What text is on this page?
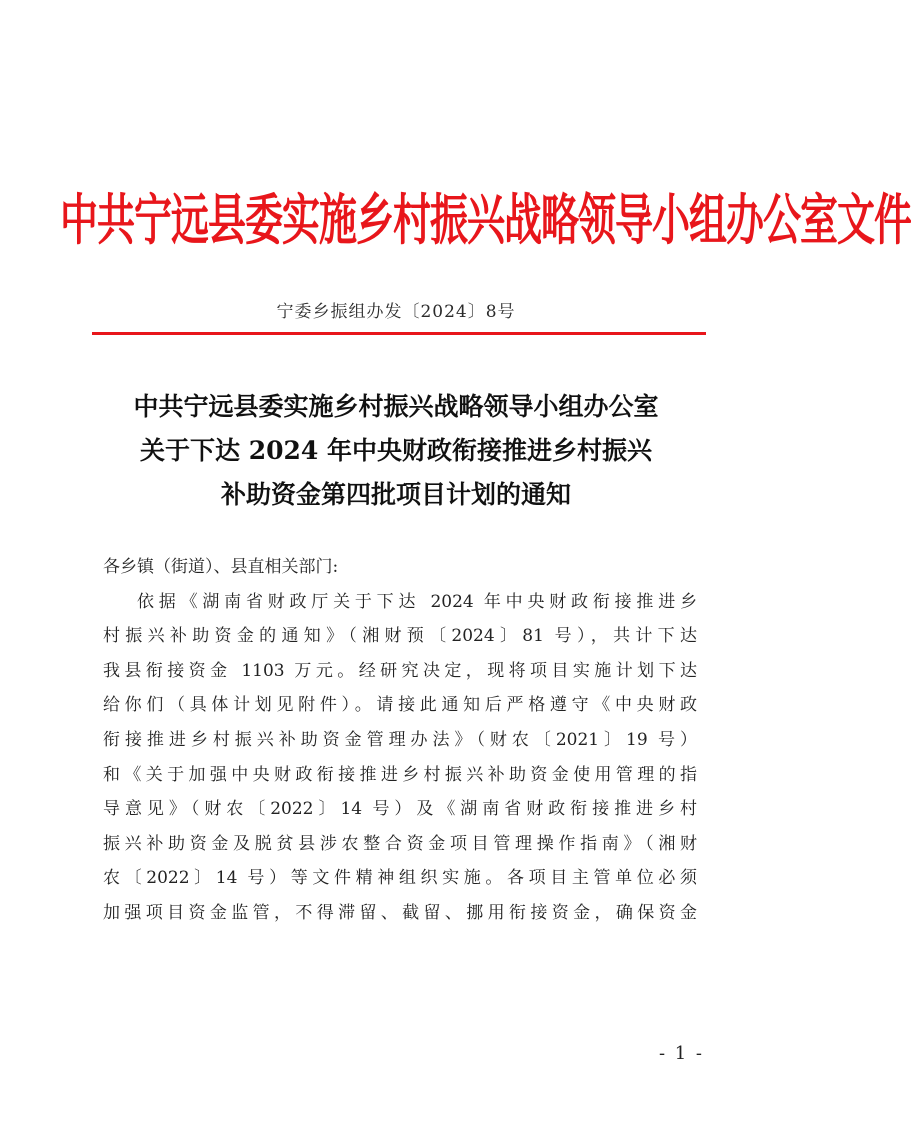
中共宁远县委实施乡村振兴战略领导小组办公室文件
宁委乡振组办发〔2024〕8号
中共宁远县委实施乡村振兴战略领导小组办公室
关于下达 2024 年中央财政衔接推进乡村振兴
补助资金第四批项目计划的通知
各乡镇（街道）、县直相关部门:
依据《湖南省财政厅关于下达 2024 年中央财政衔接推进乡
村振兴补助资金的通知》（湘财预〔2024〕81 号），共计下达
我县衔接资金 1103 万元。经研究决定，现将项目实施计划下达
给你们（具体计划见附件）。请接此通知后严格遵守《中央财政
衔接推进乡村振兴补助资金管理办法》（财农〔2021〕19 号）
和《关于加强中央财政衔接推进乡村振兴补助资金使用管理的指
导意见》（财农〔2022〕14 号）及《湖南省财政衔接推进乡村
振兴补助资金及脱贫县涉农整合资金项目管理操作指南》（湘财
农〔2022〕14 号）等文件精神组织实施。各项目主管单位必须
加强项目资金监管，不得滞留、截留、挪用衔接资金，确保资金
- 1 -
